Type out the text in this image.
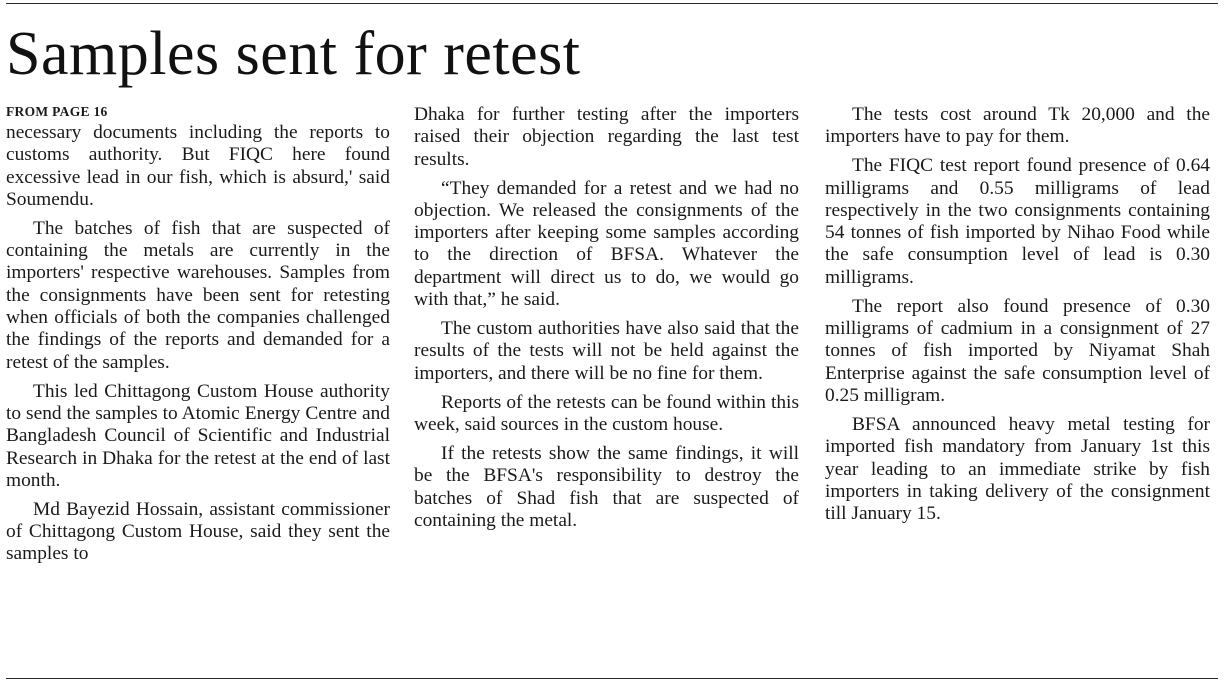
Samples sent for retest
FROM PAGE 16

necessary documents including the reports to customs authority. But FIQC here found excessive lead in our fish, which is absurd,' said Soumendu.

The batches of fish that are suspected of containing the metals are currently in the importers' respective warehouses. Samples from the consignments have been sent for retesting when officials of both the companies challenged the findings of the reports and demanded for a retest of the samples.

This led Chittagong Custom House authority to send the samples to Atomic Energy Centre and Bangladesh Council of Scientific and Industrial Research in Dhaka for the retest at the end of last month.

Md Bayezid Hossain, assistant commissioner of Chittagong Custom House, said they sent the samples to

Dhaka for further testing after the importers raised their objection regarding the last test results.

“They demanded for a retest and we had no objection. We released the consignments of the importers after keeping some samples according to the direction of BFSA. Whatever the department will direct us to do, we would go with that,” he said.

The custom authorities have also said that the results of the tests will not be held against the importers, and there will be no fine for them.

Reports of the retests can be found within this week, said sources in the custom house.

If the retests show the same findings, it will be the BFSA's responsibility to destroy the batches of Shad fish that are suspected of containing the metal.

The tests cost around Tk 20,000 and the importers have to pay for them.

The FIQC test report found presence of 0.64 milligrams and 0.55 milligrams of lead respectively in the two consignments containing 54 tonnes of fish imported by Nihao Food while the safe consumption level of lead is 0.30 milligrams.

The report also found presence of 0.30 milligrams of cadmium in a consignment of 27 tonnes of fish imported by Niyamat Shah Enterprise against the safe consumption level of 0.25 milligram.

BFSA announced heavy metal testing for imported fish mandatory from January 1st this year leading to an immediate strike by fish importers in taking delivery of the consignment till January 15.
